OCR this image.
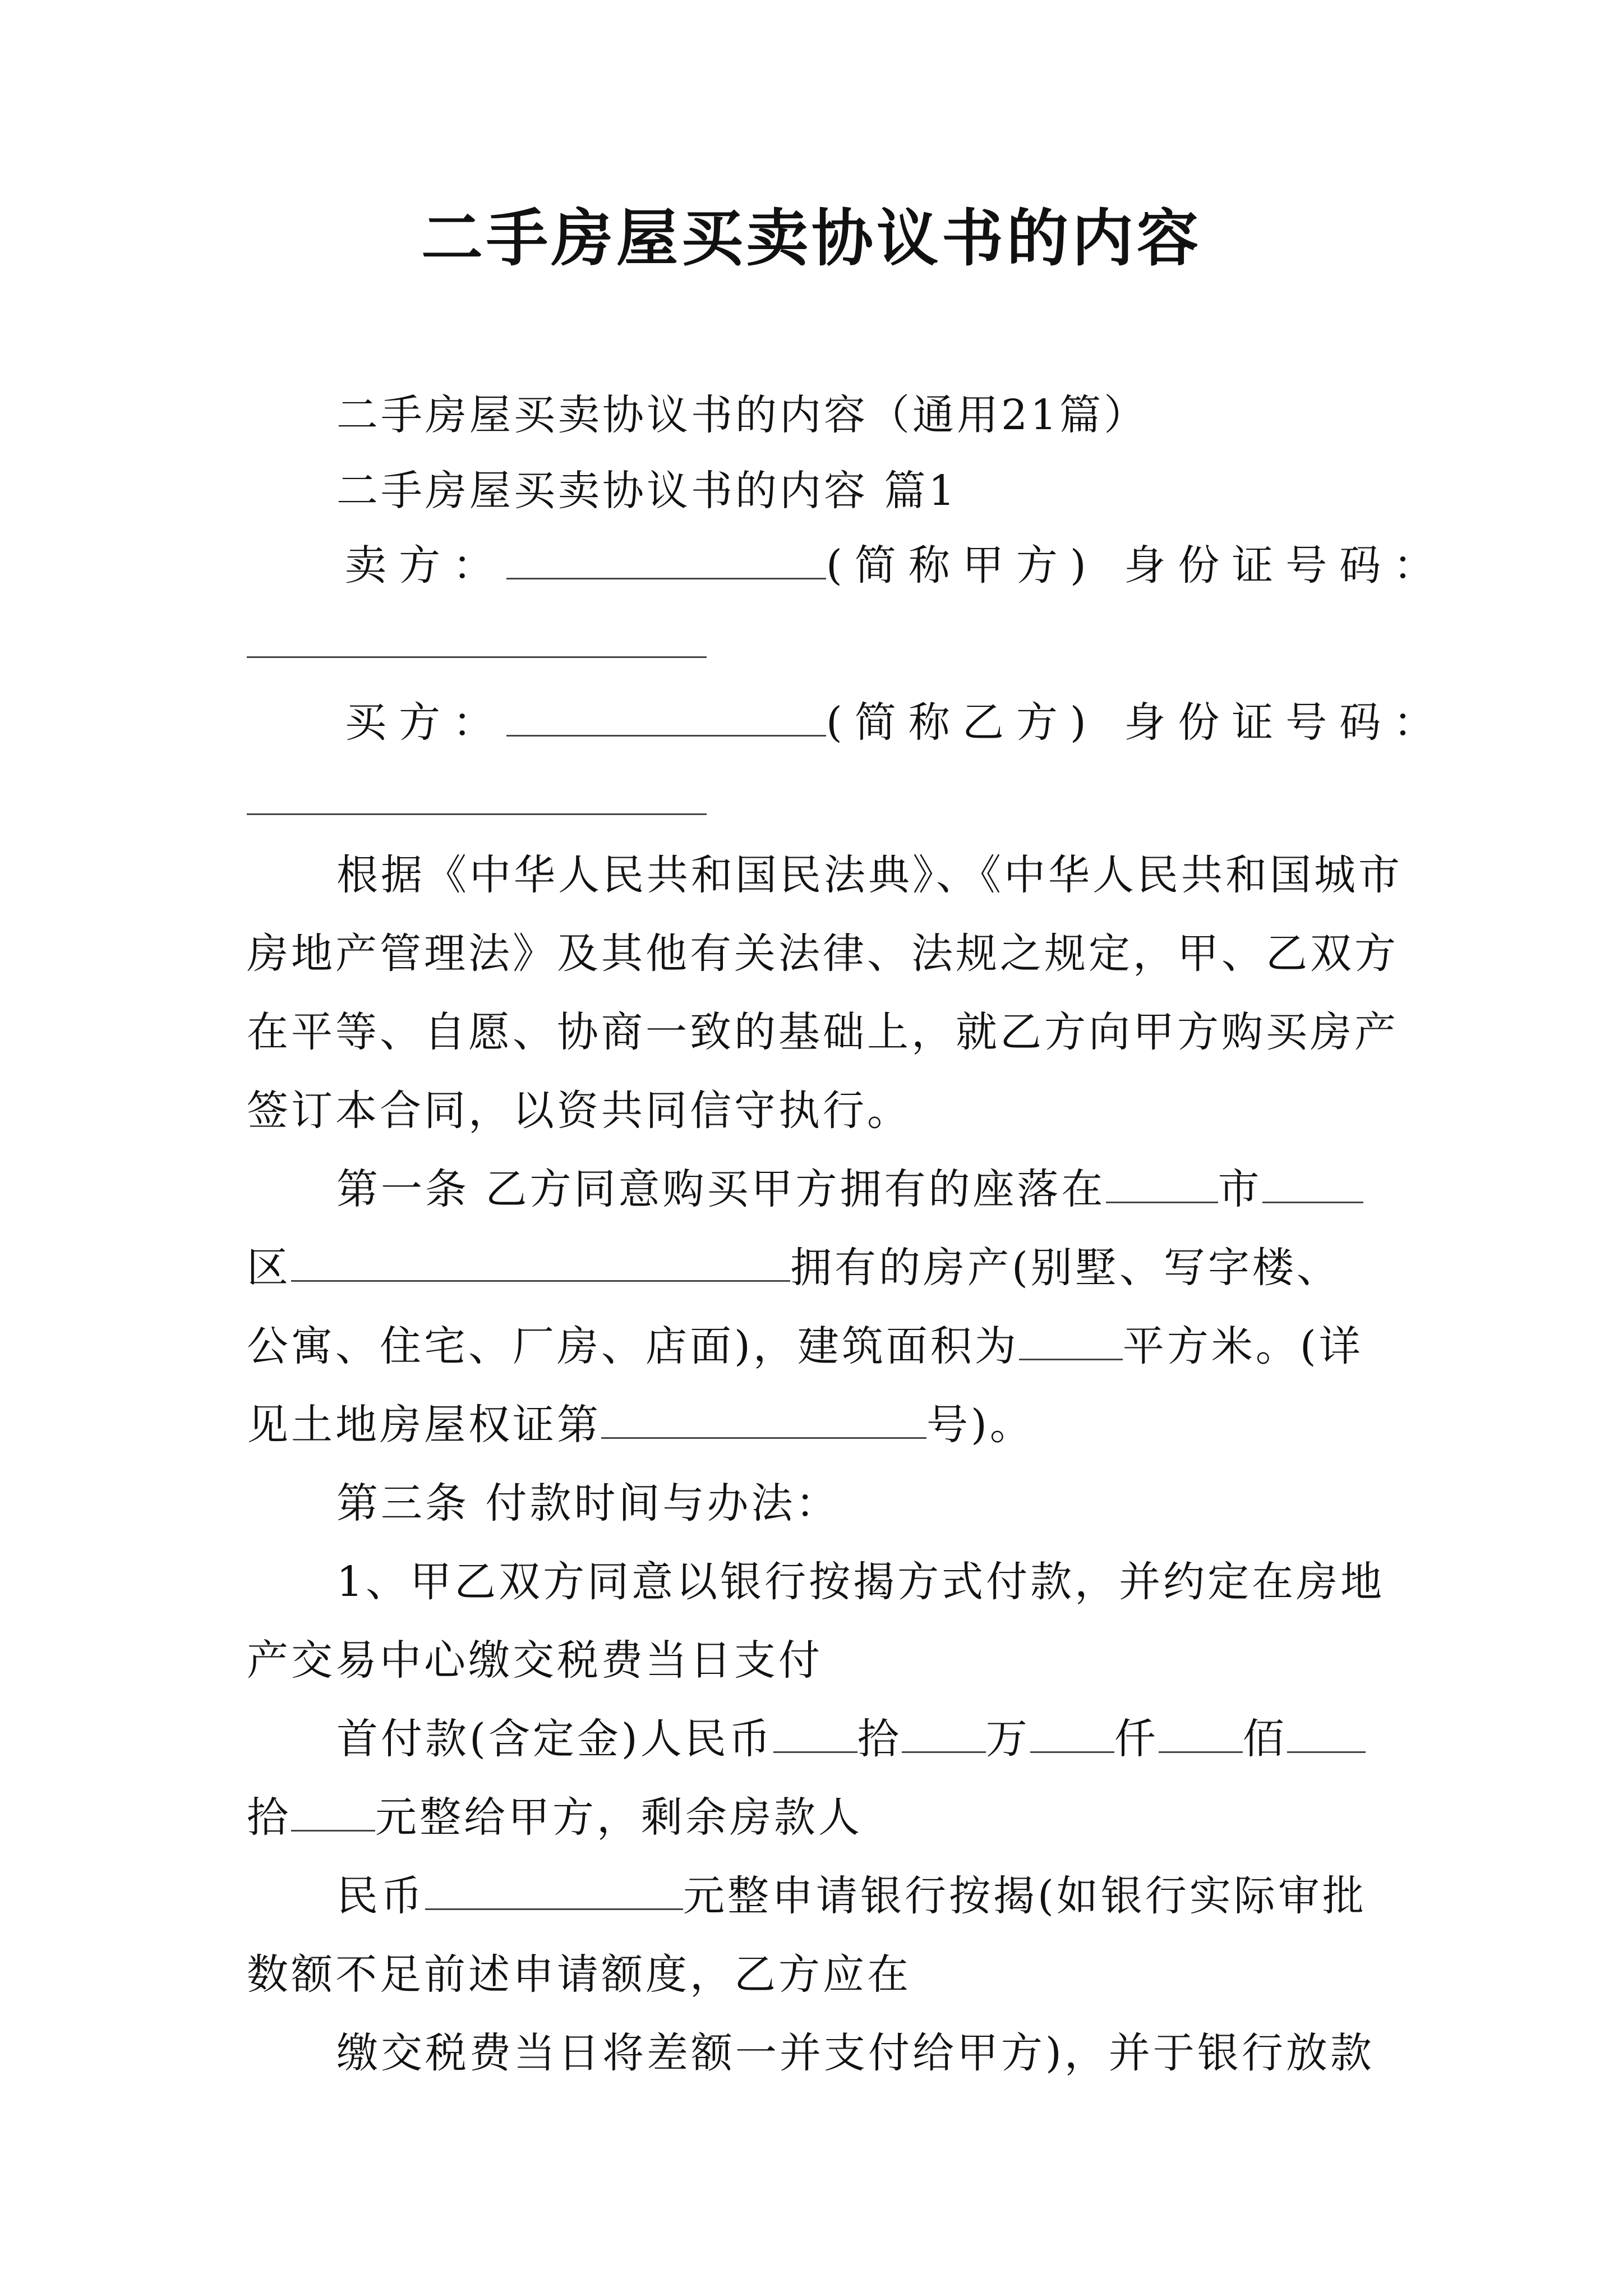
二手房屋买卖协议书的内容
二手房屋买卖协议书的内容（通用21篇）
二手房屋买卖协议书的内容 篇1
卖方：	(简称甲方) 身份证号码：
买方：	(简称乙方) 身份证号码：
根据《中华人民共和国民法典》、《中华人民共和国城市
房地产管理法》及其他有关法律、法规之规定，甲、乙双方
在平等、自愿、协商一致的基础上，就乙方向甲方购买房产
签订本合同，以资共同信守执行。
第一条 乙方同意购买甲方拥有的座落在	市
区	拥有的房产(别墅、写字楼、
公寓、住宅、厂房、店面)，建筑面积为	平方米。(详
见土地房屋权证第	号)。
第三条 付款时间与办法：
1、甲乙双方同意以银行按揭方式付款，并约定在房地
产交易中心缴交税费当日支付
首付款(含定金)人民币 拾 万 仟 佰
拾 元整给甲方，剩余房款人
民币	元整申请银行按揭(如银行实际审批
数额不足前述申请额度，乙方应在
缴交税费当日将差额一并支付给甲方)，并于银行放款
